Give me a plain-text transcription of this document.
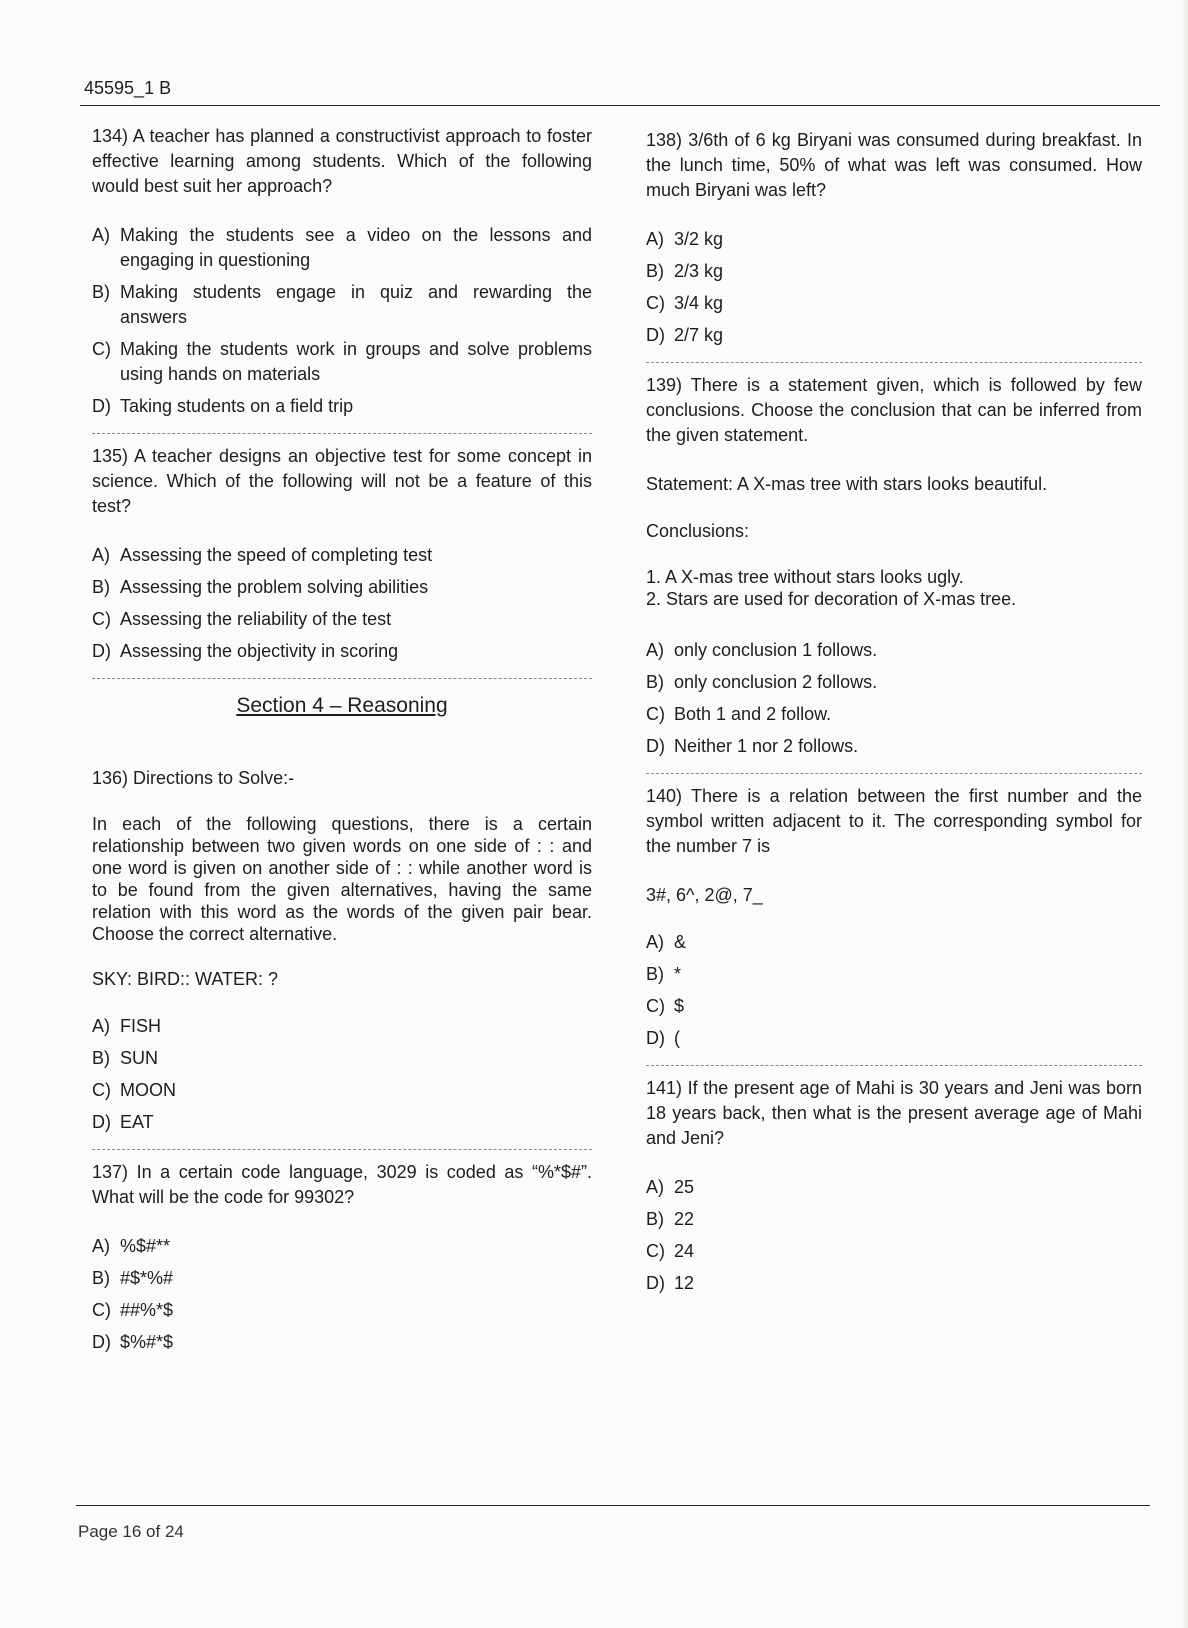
45595_1 B

134) A teacher has planned a constructivist approach to foster effective learning among students. Which of the following would best suit her approach?

A) Making the students see a video on the lessons and engaging in questioning
B) Making students engage in quiz and rewarding the answers
C) Making the students work in groups and solve problems using hands on materials
D) Taking students on a field trip

135) A teacher designs an objective test for some concept in science. Which of the following will not be a feature of this test?

A) Assessing the speed of completing test
B) Assessing the problem solving abilities
C) Assessing the reliability of the test
D) Assessing the objectivity in scoring
Section 4 – Reasoning

136) Directions to Solve:-

In each of the following questions, there is a certain relationship between two given words on one side of : : and one word is given on another side of : : while another word is to be found from the given alternatives, having the same relation with this word as the words of the given pair bear. Choose the correct alternative.

SKY: BIRD:: WATER: ?

A) FISH
B) SUN
C) MOON
D) EAT

137) In a certain code language, 3029 is coded as “%*$#”. What will be the code for 99302?

A) %$#**
B) #$*%#
C) ##%*$
D) $%#*$

138) 3/6th of 6 kg Biryani was consumed during breakfast. In the lunch time, 50% of what was left was consumed. How much Biryani was left?

A) 3/2 kg
B) 2/3 kg
C) 3/4 kg
D) 2/7 kg

139) There is a statement given, which is followed by few conclusions. Choose the conclusion that can be inferred from the given statement.

Statement: A X-mas tree with stars looks beautiful.

Conclusions:

1. A X-mas tree without stars looks ugly.

2. Stars are used for decoration of X-mas tree.

A) only conclusion 1 follows.
B) only conclusion 2 follows.
C) Both 1 and 2 follow.
D) Neither 1 nor 2 follows.

140) There is a relation between the first number and the symbol written adjacent to it. The corresponding symbol for the number 7 is

3#, 6^, 2@, 7_

A) &
B) *
C) $
D) (

141) If the present age of Mahi is 30 years and Jeni was born 18 years back, then what is the present average age of Mahi and Jeni?

A) 25
B) 22
C) 24
D) 12
Page 16 of 24
